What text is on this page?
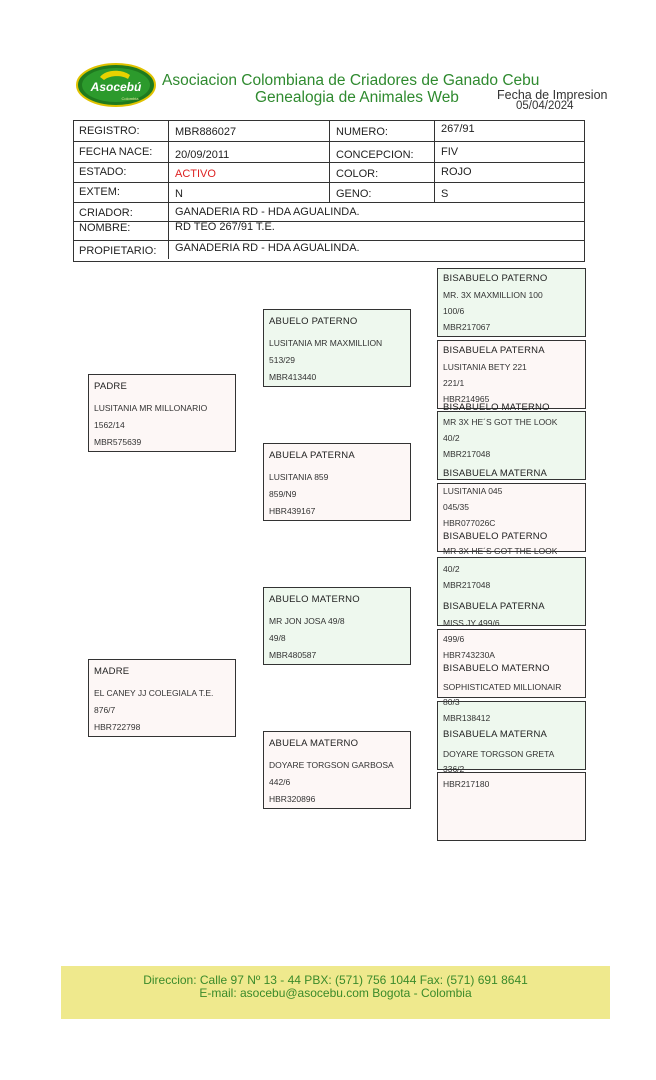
Asocebú
Colombia
Asociacion Colombiana de Criadores de Ganado Cebu
Genealogia de Animales Web	Fecha de Impresion
05/04/2024
REGISTRO:	MBR886027	NUMERO:	267/91
FECHA NACE: 20/09/2011	CONCEPCION: FIV
ESTADO:	ACTIVO	COLOR:	ROJO
EXTEM:	N	GENO:	S
CRIADOR:	GANADERIA RD - HDA AGUALINDA.
NOMBRE:	RD TEO 267/91 T.E.
PROPIETARIO: GANADERIA RD - HDA AGUALINDA.
PADRE
LUSITANIA MR MILLONARIO
1562/14
MBR575639
MADRE
EL CANEY JJ COLEGIALA T.E.
876/7
HBR722798
ABUELO PATERNO
LUSITANIA MR MAXMILLION
513/29
MBR413440
ABUELA PATERNA
LUSITANIA 859
859/N9
HBR439167
ABUELO MATERNO
MR JON JOSA 49/8
49/8
MBR480587
ABUELA MATERNO
DOYARE TORGSON GARBOSA
442/6
HBR320896
BISABUELO PATERNO
MR. 3X MAXMILLION 100
100/6
MBR217067
BISABUELA PATERNA
LUSITANIA BETY 221
221/1
HBR214965
BISABUELO MATERNO
MR 3X HE´S GOT THE LOOK
40/2
MBR217048
BISABUELA MATERNA
LUSITANIA 045
045/35
HBR077026C
BISABUELO PATERNO
MR 3X HE´S GOT THE LOOK
40/2
MBR217048
BISABUELA PATERNA
MISS JY 499/6
499/6
HBR743230A
BISABUELO MATERNO
SOPHISTICATED MILLIONAIR
80/3
MBR138412
BISABUELA MATERNA
DOYARE TORGSON GRETA
336/2
HBR217180
Direccion: Calle 97 Nº 13 - 44 PBX: (571) 756 1044 Fax: (571) 691 8641
E-mail: asocebu@asocebu.com Bogota - Colombia
